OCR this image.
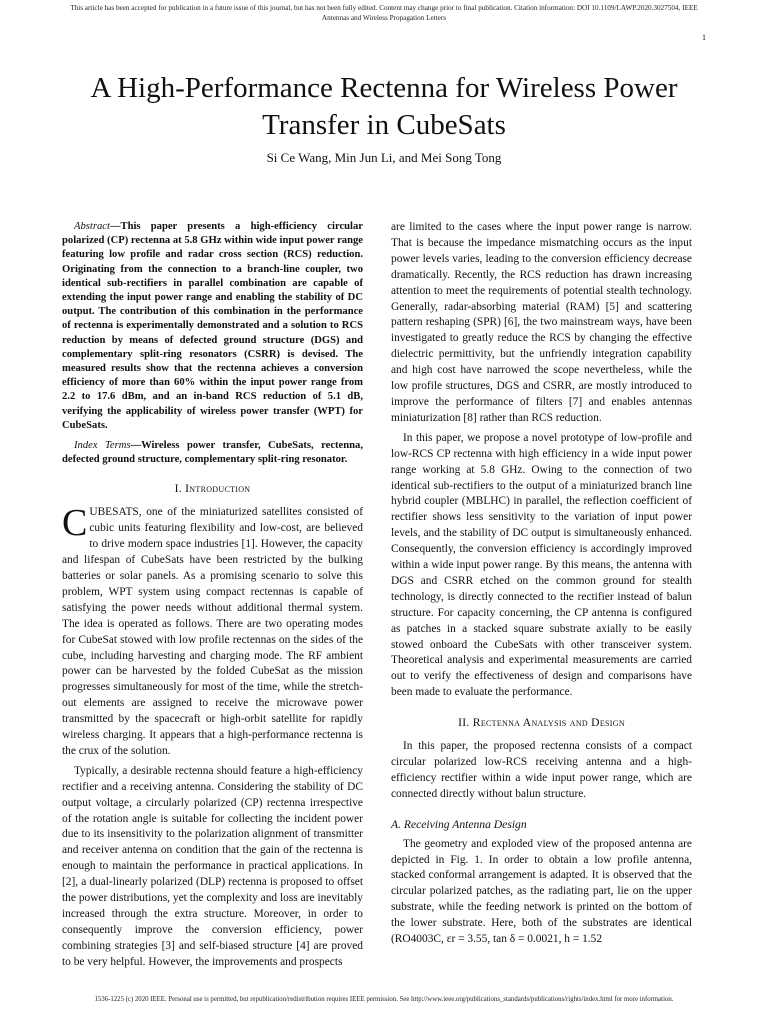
This article has been accepted for publication in a future issue of this journal, but has not been fully edited. Content may change prior to final publication. Citation information: DOI 10.1109/LAWP.2020.3027504, IEEE
Antennas and Wireless Propagation Letters
1
A High-Performance Rectenna for Wireless Power Transfer in CubeSats
Si Ce Wang, Min Jun Li, and Mei Song Tong

Abstract—This paper presents a high-efficiency circular polarized (CP) rectenna at 5.8 GHz within wide input power range featuring low profile and radar cross section (RCS) reduction. Originating from the connection to a branch-line coupler, two identical sub-rectifiers in parallel combination are capable of extending the input power range and enabling the stability of DC output. The contribution of this combination in the performance of rectenna is experimentally demonstrated and a solution to RCS reduction by means of defected ground structure (DGS) and complementary split-ring resonators (CSRR) is devised. The measured results show that the rectenna achieves a conversion efficiency of more than 60% within the input power range from 2.2 to 17.6 dBm, and an in-band RCS reduction of 5.1 dB, verifying the applicability of wireless power transfer (WPT) for CubeSats.

Index Terms—Wireless power transfer, CubeSats, rectenna, defected ground structure, complementary split-ring resonator.

I. Introduction

CUBESATS, one of the miniaturized satellites consisted of cubic units featuring flexibility and low-cost, are believed to drive modern space industries [1]. However, the capacity and lifespan of CubeSats have been restricted by the bulking batteries or solar panels. As a promising scenario to solve this problem, WPT system using compact rectennas is capable of satisfying the power needs without additional thermal system. The idea is operated as follows. There are two operating modes for CubeSat stowed with low profile rectennas on the sides of the cube, including harvesting and charging mode. The RF ambient power can be harvested by the folded CubeSat as the mission progresses simultaneously for most of the time, while the stretch-out elements are assigned to receive the microwave power transmitted by the spacecraft or high-orbit satellite for rapidly wireless charging. It appears that a high-performance rectenna is the crux of the solution.

Typically, a desirable rectenna should feature a high-efficiency rectifier and a receiving antenna. Considering the stability of DC output voltage, a circularly polarized (CP) rectenna irrespective of the rotation angle is suitable for collecting the incident power due to its insensitivity to the polarization alignment of transmitter and receiver antenna on condition that the gain of the rectenna is enough to maintain the performance in practical applications. In [2], a dual-linearly polarized (DLP) rectenna is proposed to offset the power distributions, yet the complexity and loss are inevitably increased through the extra structure. Moreover, in order to consequently improve the conversion efficiency, power combining strategies [3] and self-biased structure [4] are proved to be very helpful. However, the improvements and prospects

are limited to the cases where the input power range is narrow. That is because the impedance mismatching occurs as the input power levels varies, leading to the conversion efficiency decrease dramatically. Recently, the RCS reduction has drawn increasing attention to meet the requirements of potential stealth technology. Generally, radar-absorbing material (RAM) [5] and scattering pattern reshaping (SPR) [6], the two mainstream ways, have been investigated to greatly reduce the RCS by changing the effective dielectric permittivity, but the unfriendly integration capability and high cost have narrowed the scope nevertheless, while the low profile structures, DGS and CSRR, are mostly introduced to improve the performance of filters [7] and enables antennas miniaturization [8] rather than RCS reduction.

In this paper, we propose a novel prototype of low-profile and low-RCS CP rectenna with high efficiency in a wide input power range working at 5.8 GHz. Owing to the connection of two identical sub-rectifiers to the output of a miniaturized branch line hybrid coupler (MBLHC) in parallel, the reflection coefficient of rectifier shows less sensitivity to the variation of input power levels, and the stability of DC output is simultaneously enhanced. Consequently, the conversion efficiency is accordingly improved within a wide input power range. By this means, the antenna with DGS and CSRR etched on the common ground for stealth technology, is directly connected to the rectifier instead of balun structure. For capacity concerning, the CP antenna is configured as patches in a stacked square substrate axially to be easily stowed onboard the CubeSats with other transceiver system. Theoretical analysis and experimental measurements are carried out to verify the effectiveness of design and comparisons have been made to evaluate the performance.

II. Rectenna Analysis and Design

In this paper, the proposed rectenna consists of a compact circular polarized low-RCS receiving antenna and a high-efficiency rectifier within a wide input power range, which are connected directly without balun structure.

A. Receiving Antenna Design

The geometry and exploded view of the proposed antenna are depicted in Fig. 1. In order to obtain a low profile antenna, stacked conformal arrangement is adapted. It is observed that the circular polarized patches, as the radiating part, lie on the upper substrate, while the feeding network is printed on the bottom of the lower substrate. Here, both of the substrates are identical (RO4003C, εr = 3.55, tan δ = 0.0021, h = 1.52

1536-1225 (c) 2020 IEEE. Personal use is permitted, but republication/redistribution requires IEEE permission. See http://www.ieee.org/publications_standards/publications/rights/index.html for more information.
